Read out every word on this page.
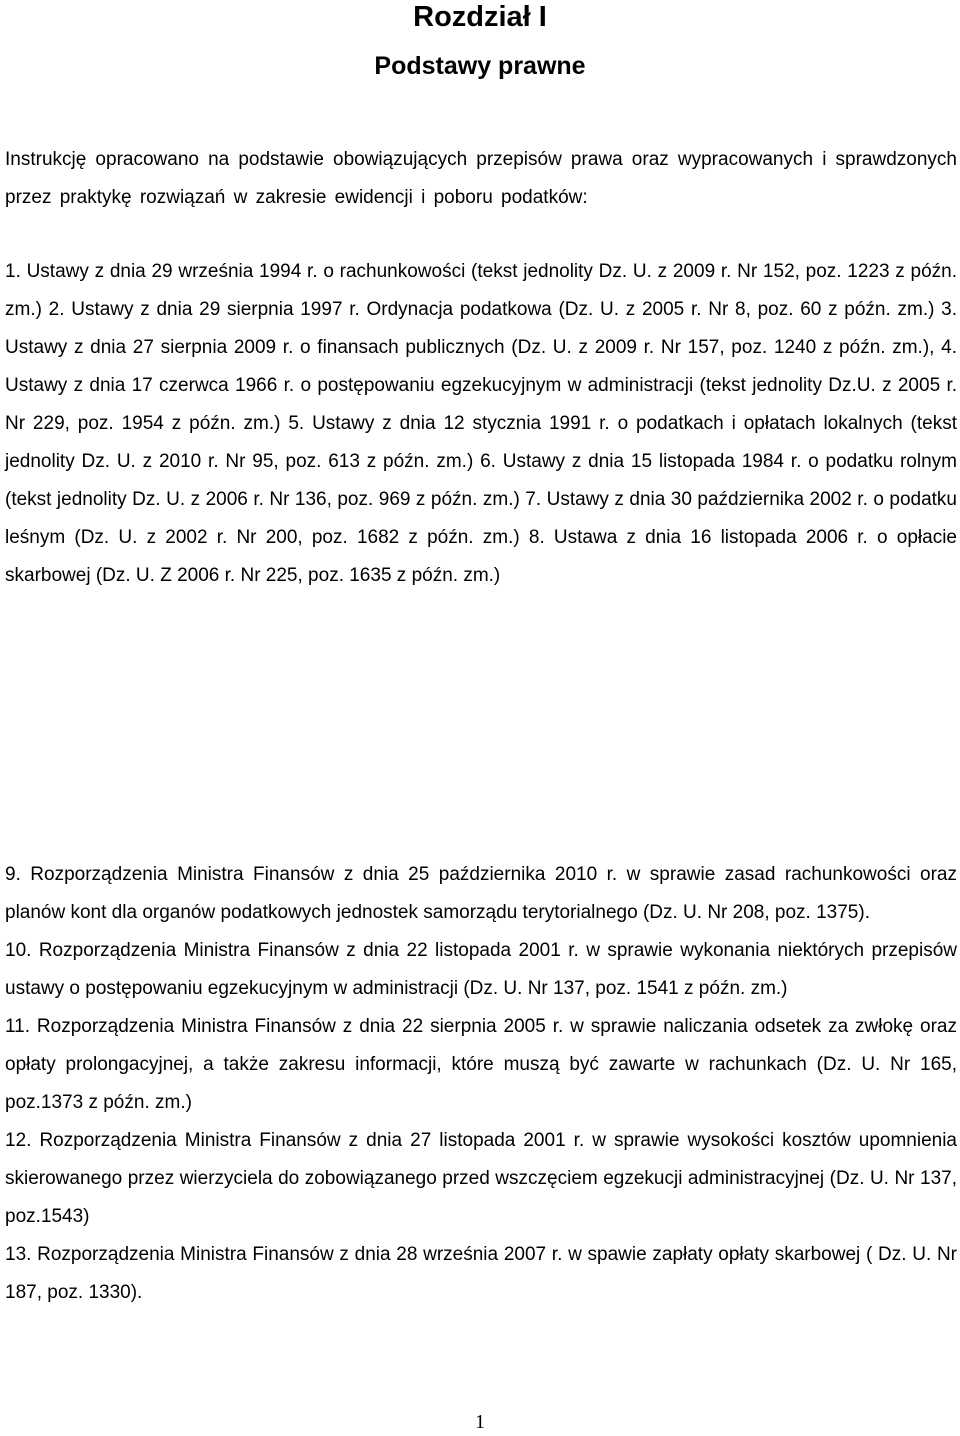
Rozdział I
Podstawy prawne
Instrukcję opracowano na podstawie obowiązujących przepisów prawa oraz wypracowanych i sprawdzonych przez praktykę rozwiązań w zakresie ewidencji i poboru podatków:
1. Ustawy z dnia 29 września 1994 r. o rachunkowości (tekst jednolity Dz. U. z 2009 r. Nr 152, poz. 1223 z późn. zm.) 2. Ustawy z dnia 29 sierpnia 1997 r. Ordynacja podatkowa (Dz. U. z 2005 r. Nr 8, poz. 60 z późn. zm.) 3. Ustawy z dnia 27 sierpnia 2009 r. o finansach publicznych (Dz. U. z 2009 r. Nr 157, poz. 1240 z późn. zm.), 4. Ustawy z dnia 17 czerwca 1966 r. o postępowaniu egzekucyjnym w administracji (tekst jednolity Dz.U. z 2005 r. Nr 229, poz. 1954 z późn. zm.) 5. Ustawy z dnia 12 stycznia 1991 r. o podatkach i opłatach lokalnych (tekst jednolity Dz. U. z 2010 r. Nr 95, poz. 613 z późn. zm.) 6. Ustawy z dnia 15 listopada 1984 r. o podatku rolnym (tekst jednolity Dz. U. z 2006 r. Nr 136, poz. 969 z późn. zm.) 7. Ustawy z dnia 30 października 2002 r. o podatku leśnym (Dz. U. z 2002 r. Nr 200, poz. 1682 z późn. zm.) 8. Ustawa z dnia 16 listopada 2006 r. o opłacie skarbowej (Dz. U. Z 2006 r. Nr 225, poz. 1635 z późn. zm.)
9. Rozporządzenia Ministra Finansów z dnia 25 października 2010 r. w sprawie zasad rachunkowości oraz planów kont dla organów podatkowych jednostek samorządu terytorialnego (Dz. U. Nr 208, poz. 1375).
10. Rozporządzenia Ministra Finansów z dnia 22 listopada 2001 r. w sprawie wykonania niektórych przepisów ustawy o postępowaniu egzekucyjnym w administracji (Dz. U. Nr 137, poz. 1541 z późn. zm.)
11. Rozporządzenia Ministra Finansów z dnia 22 sierpnia 2005 r. w sprawie naliczania odsetek za zwłokę oraz opłaty prolongacyjnej, a także zakresu informacji, które muszą być zawarte w rachunkach (Dz. U. Nr 165, poz.1373 z późn. zm.)
12. Rozporządzenia Ministra Finansów z dnia 27 listopada 2001 r. w sprawie wysokości kosztów upomnienia skierowanego przez wierzyciela do zobowiązanego przed wszczęciem egzekucji administracyjnej (Dz. U. Nr 137, poz.1543)
13. Rozporządzenia Ministra Finansów z dnia 28 września 2007 r. w spawie zapłaty opłaty skarbowej ( Dz. U. Nr 187, poz. 1330).
1
